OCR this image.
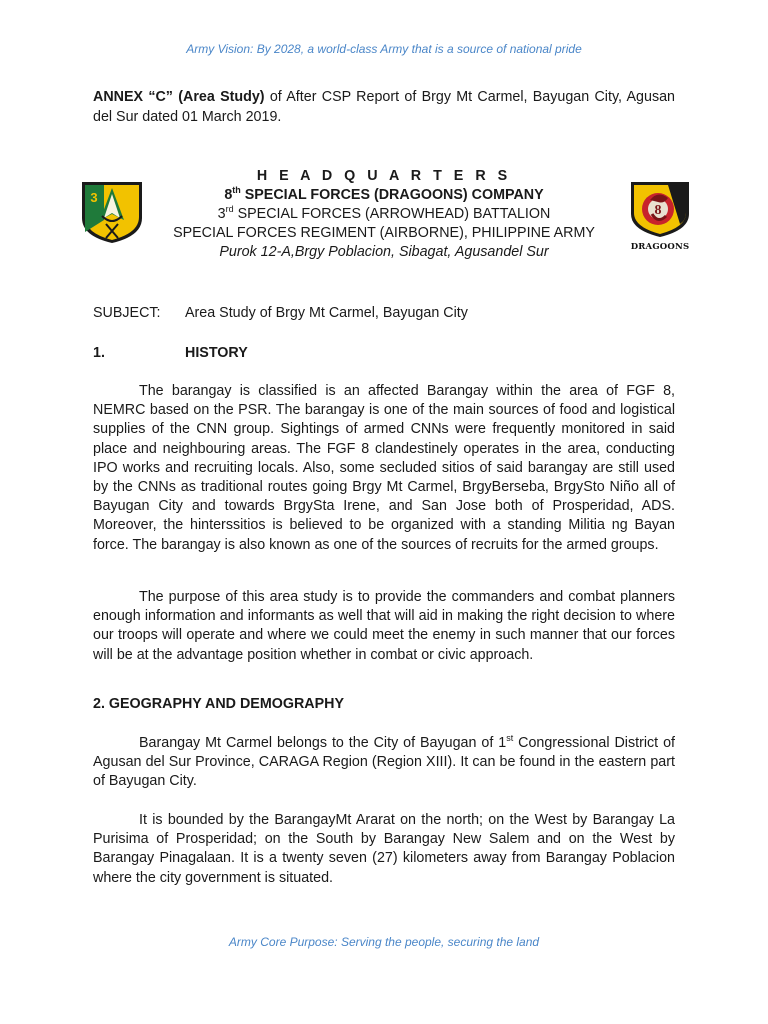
Army Vision: By 2028, a world-class Army that is a source of national pride
ANNEX “C” (Area Study) of After CSP Report of Brgy Mt Carmel, Bayugan City, Agusan del Sur dated 01 March 2019.
3
H E A D Q U A R T E R S
8th SPECIAL FORCES (DRAGOONS) COMPANY
3rd SPECIAL FORCES (ARROWHEAD) BATTALION
SPECIAL FORCES REGIMENT (AIRBORNE), PHILIPPINE ARMY
Purok 12-A,Brgy Poblacion, Sibagat, Agusandel Sur
8
DRAGOONS
SUBJECT: Area Study of Brgy Mt Carmel, Bayugan City
1.	HISTORY

The barangay is classified is an affected Barangay within the area of FGF 8, NEMRC based on the PSR. The barangay is one of the main sources of food and logistical supplies of the CNN group. Sightings of armed CNNs were frequently monitored in said place and neighbouring areas. The FGF 8 clandestinely operates in the area, conducting IPO works and recruiting locals. Also, some secluded sitios of said barangay are still used by the CNNs as traditional routes going Brgy Mt Carmel, BrgyBerseba, BrgySto Niño all of Bayugan City and towards BrgySta Irene, and San Jose both of Prosperidad, ADS. Moreover, the hinterssitios is believed to be organized with a standing Militia ng Bayan force. The barangay is also known as one of the sources of recruits for the armed groups.

The purpose of this area study is to provide the commanders and combat planners enough information and informants as well that will aid in making the right decision to where our troops will operate and where we could meet the enemy in such manner that our forces will be at the advantage position whether in combat or civic approach.

2. GEOGRAPHY AND DEMOGRAPHY

Barangay Mt Carmel belongs to the City of Bayugan of 1st Congressional District of Agusan del Sur Province, CARAGA Region (Region XIII). It can be found in the eastern part of Bayugan City.

It is bounded by the BarangayMt Ararat on the north; on the West by Barangay La Purisima of Prosperidad; on the South by Barangay New Salem and on the West by Barangay Pinagalaan. It is a twenty seven (27) kilometers away from Barangay Poblacion where the city government is situated.

Army Core Purpose: Serving the people, securing the land
